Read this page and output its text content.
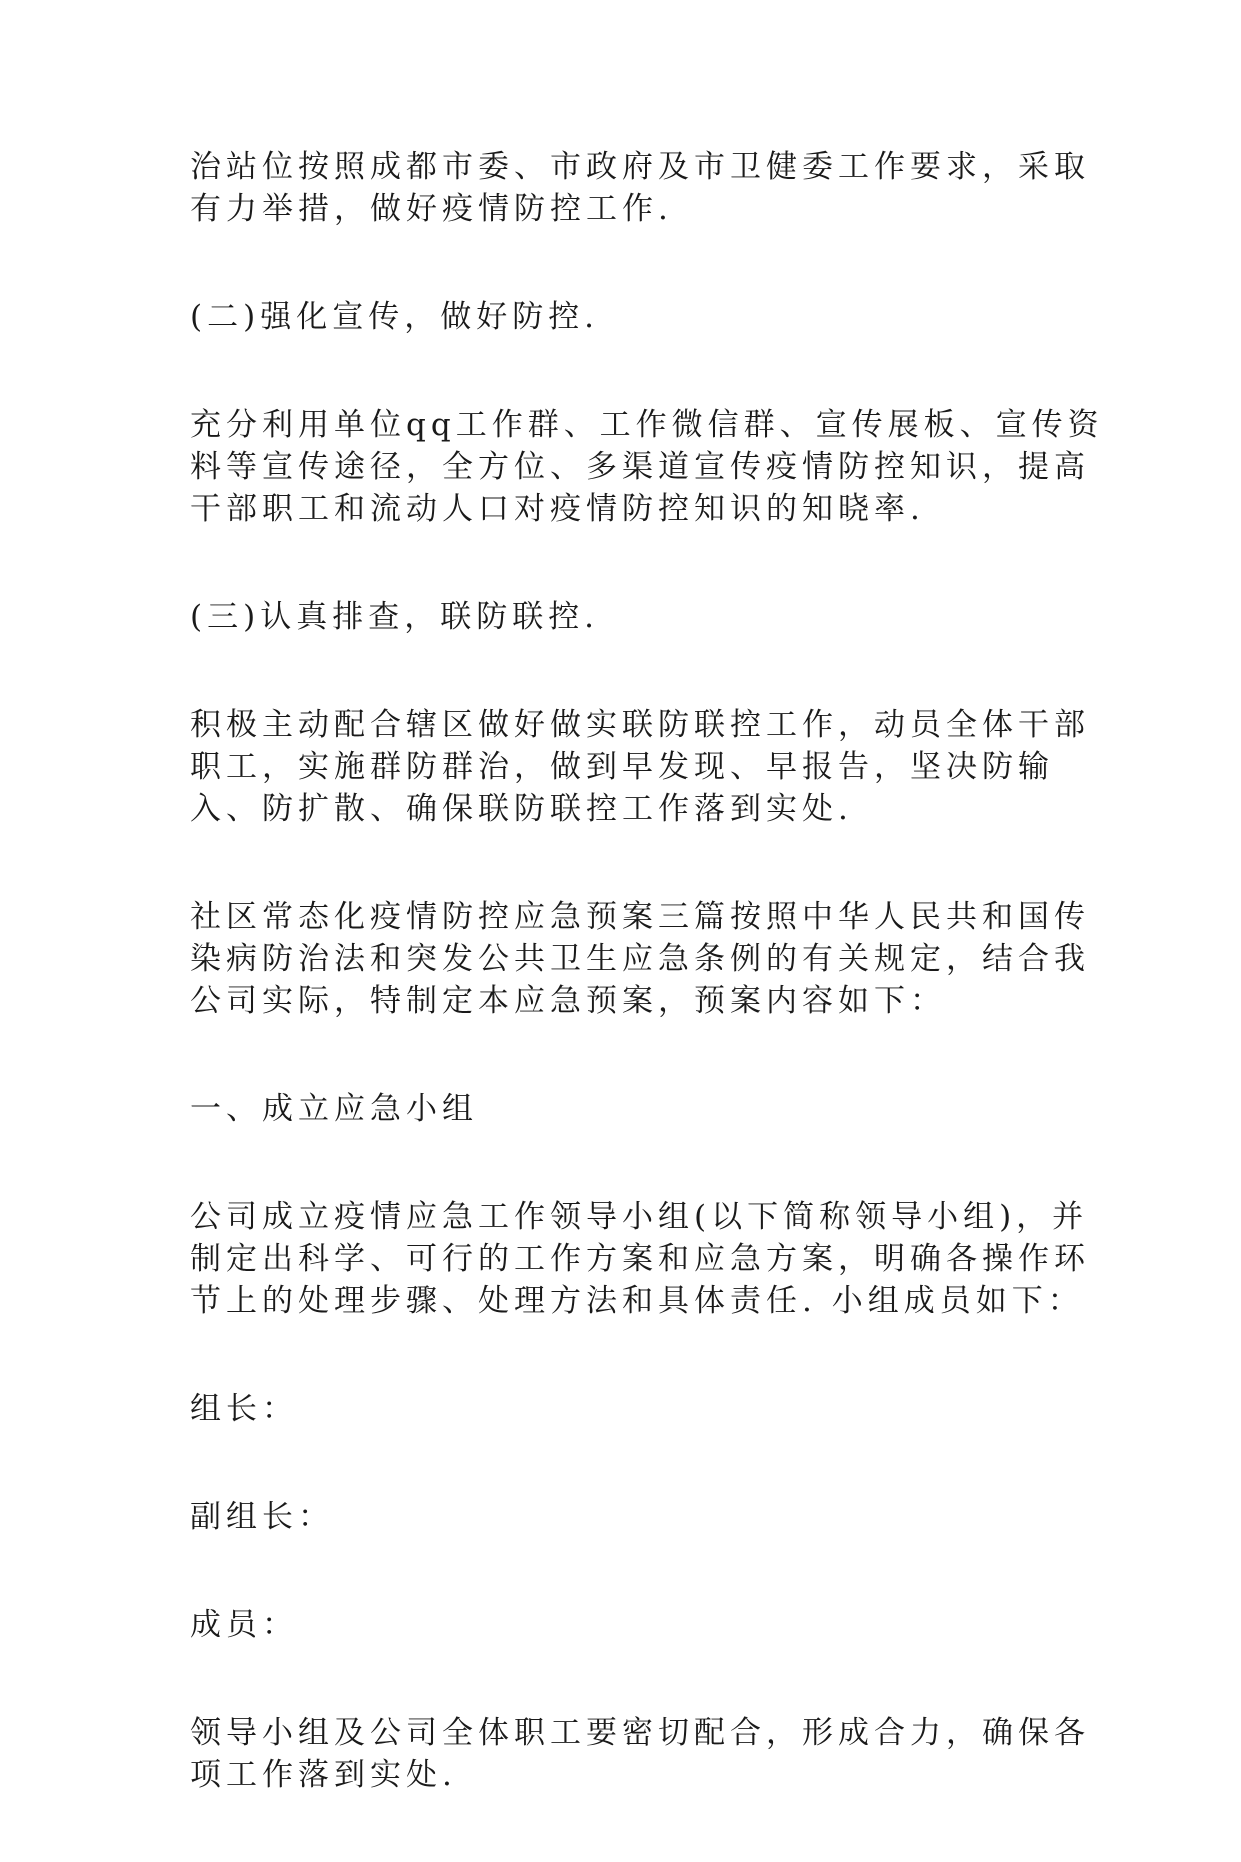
治站位按照成都市委、市政府及市卫健委工作要求，采取
有力举措，做好疫情防控工作.

(二)强化宣传，做好防控.

充分利用单位qq工作群、工作微信群、宣传展板、宣传资
料等宣传途径，全方位、多渠道宣传疫情防控知识，提高
干部职工和流动人口对疫情防控知识的知晓率.

(三)认真排查，联防联控.

积极主动配合辖区做好做实联防联控工作，动员全体干部
职工，实施群防群治，做到早发现、早报告，坚决防输
入、防扩散、确保联防联控工作落到实处.

社区常态化疫情防控应急预案三篇按照中华人民共和国传
染病防治法和突发公共卫生应急条例的有关规定，结合我
公司实际，特制定本应急预案，预案内容如下：

一、成立应急小组

公司成立疫情应急工作领导小组(以下简称领导小组)，并
制定出科学、可行的工作方案和应急方案，明确各操作环
节上的处理步骤、处理方法和具体责任. 小组成员如下：

组长：

副组长：

成员：

领导小组及公司全体职工要密切配合，形成合力，确保各
项工作落到实处.
